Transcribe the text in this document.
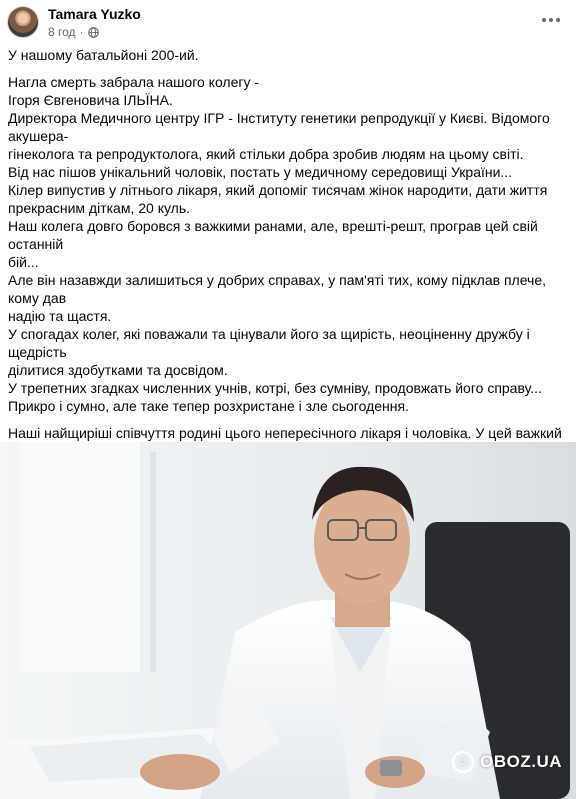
Tamara Yuzko
8 год ·

У нашому батальйоні 200-ий.

Нагла смерть забрала нашого колегу -
Ігоря Євгеновича ІЛЬЇНА.
Директора Медичного центру ІГР - Інституту генетики репродукції у Києві. Відомого акушера-
гінеколога та репродуктолога, який стільки добра зробив людям на цьому світі.
Від нас пішов унікальний чоловік, постать у медичному середовищі України...
Кілер випустив у літнього лікаря, який допоміг тисячам жінок народити, дати життя
прекрасним діткам, 20 куль.
Наш колега довго боровся з важкими ранами, але, врешті-решт, програв цей свій останній
бій...
Але він назавжди залишиться у добрих справах, у пам'яті тих, кому підклав плече, кому дав
надію та щастя.
У спогадах колег, які поважали та цінували його за щирість, неоціненну дружбу і щедрість
ділитися здобутками та досвідом.
У трепетних згадках численних учнів, котрі, без сумніву, продовжать його справу...
Прикро і сумно, але таке тепер розхристане і зле сьогодення.

Наші найщиріші співчуття родині цього непересічного лікаря і чоловіка. У цей важкий

☺ OBOZ.UA
